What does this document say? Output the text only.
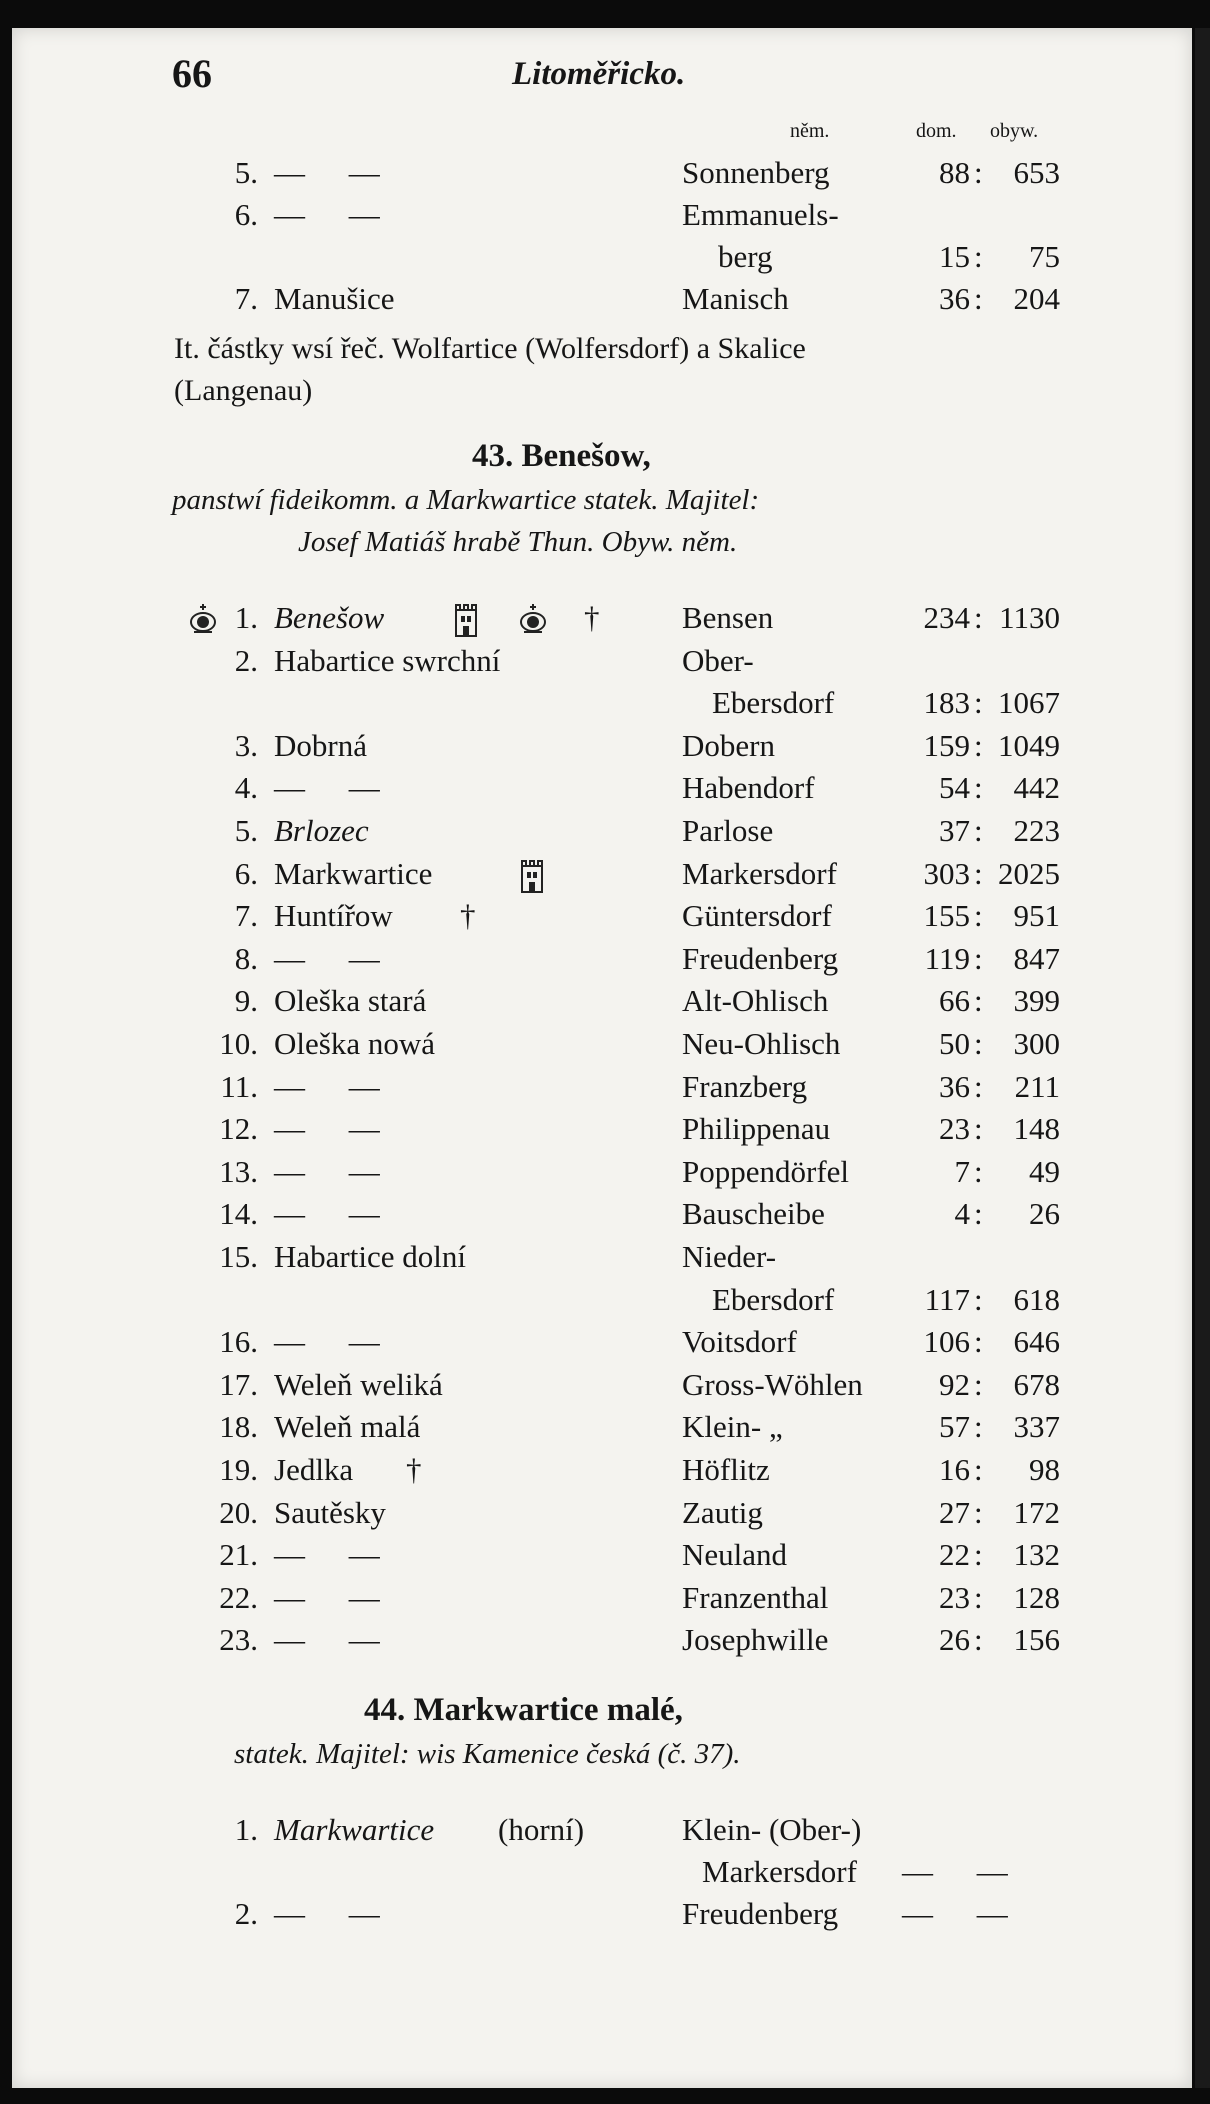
66	Litoměřicko.
něm.	dom. obyw.
5. — —	Sonnenberg	88 : 653
6. — —	Emmanuels-
berg	15 :	75
7. Manušice	Manisch	36 : 204
It. částky wsí řeč. Wolfartice (Wolfersdorf) a Skalice
(Langenau)
43. Benešow,
panstwí fideikomm. a Markwartice statek. Majitel:
Josef Matiáš hrabě Thun. Obyw. něm.
1. Benešow	Bensen	234 : 1130
†
2. Habartice swrchní	Ober-
Ebersdorf	183 : 1067
3. Dobrná	Dobern	159 : 1049
4. — —	Habendorf	54 : 442
5. Brlozec	Parlose	37 : 223
6. Markwartice	Markersdorf	303 : 2025
7. Huntířow	Güntersdorf	155 : 951
†
8. — —	Freudenberg	119 : 847
9. Oleška stará	Alt-Ohlisch	66 : 399
10. Oleška nowá	Neu-Ohlisch	50 : 300
11. — —	Franzberg	36 :	211
12. — —	Philippenau	23 : 148
13. — —	Poppendörfel	7 :	49
14. — —	Bauscheibe	4 :	26
15. Habartice dolní	Nieder-
Ebersdorf	117 : 618
16. — —	Voitsdorf	106 : 646
17. Weleň weliká	Gross-Wöhlen	92 : 678
18. Weleň malá	Klein- „	57 : 337
19. Jedlka	Höflitz	16 :	98
†
20. Sautěsky	Zautig	27 : 172
21. — —	Neuland	22 : 132
22. — —	Franzenthal	23 : 128
23. — —	Josephwille	26 : 156
44. Markwartice malé,
statek. Majitel: wis Kamenice česká (č. 37).
1. Markwartice (horní)	Klein- (Ober-)
Markersdorf — —
2. — —	Freudenberg — —
